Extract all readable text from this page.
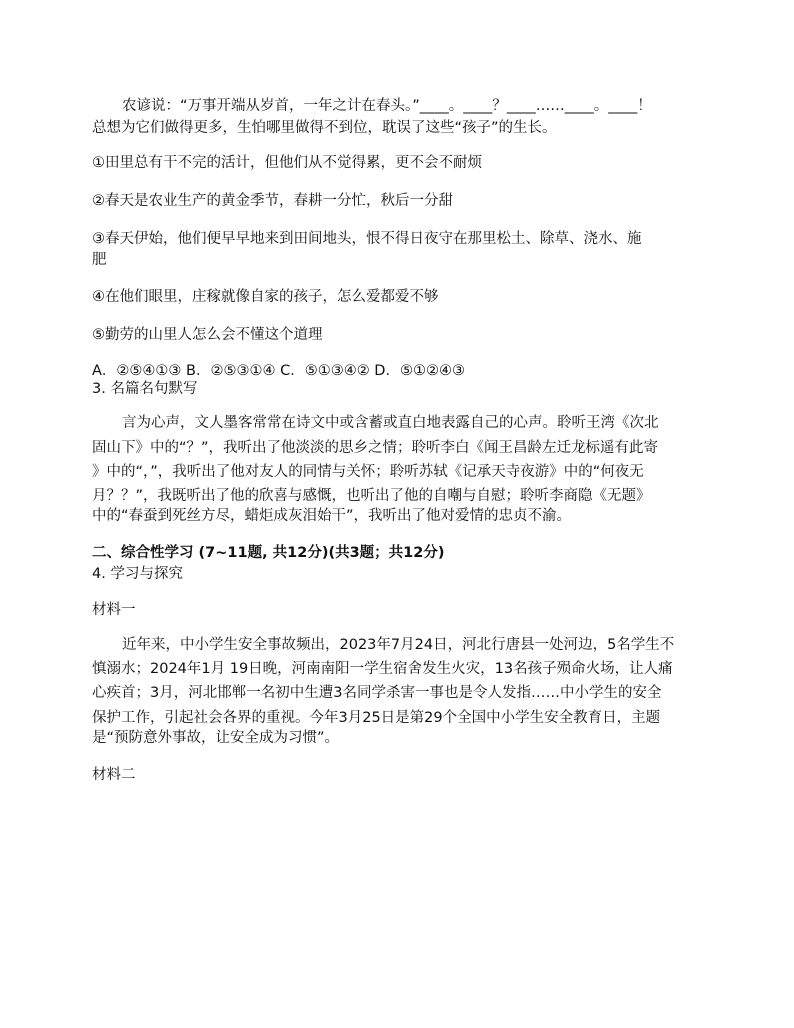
农谚说：“万事开端从岁首，一年之计在春头。”____。____？____……____。____！
总想为它们做得更多，生怕哪里做得不到位，耽误了这些“孩子”的生长。
①田里总有干不完的活计，但他们从不觉得累，更不会不耐烦
②春天是农业生产的黄金季节，春耕一分忙，秋后一分甜
③春天伊始，他们便早早地来到田间地头，恨不得日夜守在那里松土、除草、浇水、施
肥
④在他们眼里，庄稼就像自家的孩子，怎么爱都爱不够
⑤勤劳的山里人怎么会不懂这个道理
A．②⑤④①③ B．②⑤③①④ C．⑤①③④② D．⑤①②④③
3. 名篇名句默写
言为心声，文人墨客常常在诗文中或含蓄或直白地表露自己的心声。聆听王湾《次北
固山下》中的“？”，我听出了他淡淡的思乡之情；聆听李白《闻王昌龄左迁龙标遥有此寄
》中的“，”，我听出了他对友人的同情与关怀；聆听苏轼《记承天寺夜游》中的“何夜无
月？？”，我既听出了他的欣喜与感慨，也听出了他的自嘲与自慰；聆听李商隐《无题》
中的“春蚕到死丝方尽，蜡炬成灰泪始干”，我听出了他对爱情的忠贞不渝。
二、综合性学习 (7~11题, 共12分)(共3题；共12分)
4. 学习与探究
材料一
近年来，中小学生安全事故频出，2023年7月24日，河北行唐县一处河边，5名学生不
慎溺水；2024年1月 19日晚，河南南阳一学生宿舍发生火灾，13名孩子殒命火场，让人痛
心疾首；3月，河北邯郸一名初中生遭3名同学杀害一事也是令人发指……中小学生的安全
保护工作，引起社会各界的重视。今年3月25日是第29个全国中小学生安全教育日，主题
是“预防意外事故，让安全成为习惯”。
材料二
